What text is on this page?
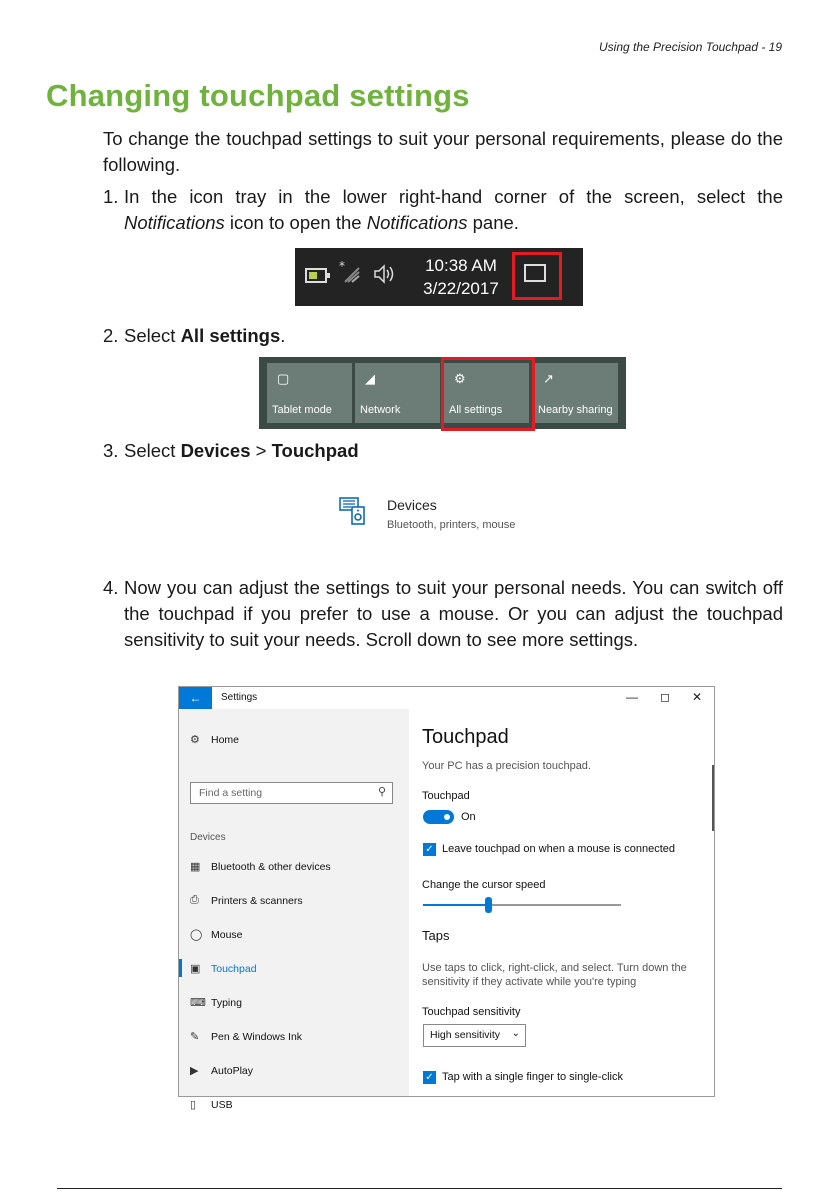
Using the Precision Touchpad - 19
Changing touchpad settings

To change the touchpad settings to suit your personal requirements, please do the following.

1. In the icon tray in the lower right-hand corner of the screen, select the Notifications icon to open the Notifications pane.
*	10:38 AM
3/22/2017
2. Select All settings.
▢
Tablet mode
◢
Network
⚙
All settings
↗
Nearby sharing
3. Select Devices > Touchpad
Devices
Bluetooth, printers, mouse
4. Now you can adjust the settings to suit your personal needs. You can switch off the touchpad if you prefer to use a mouse. Or you can adjust the touchpad sensitivity to suit your needs. Scroll down to see more settings.
←	Settings	— ◻ ✕
⚙	Home
Find a setting	⚲
Devices
▦	Bluetooth & other devices
⎙	Printers & scanners
◯ Mouse
▣	Touchpad
⌨ Typing
✎	Pen & Windows Ink
▶	AutoPlay
▯	USB
Touchpad
Your PC has a precision touchpad.
Touchpad
On
✓ Leave touchpad on when a mouse is connected
Change the cursor speed
Taps
Use taps to click, right-click, and select. Turn down the
sensitivity if they activate while you're typing
Touchpad sensitivity
High sensitivity ⌄
✓ Tap with a single finger to single-click
